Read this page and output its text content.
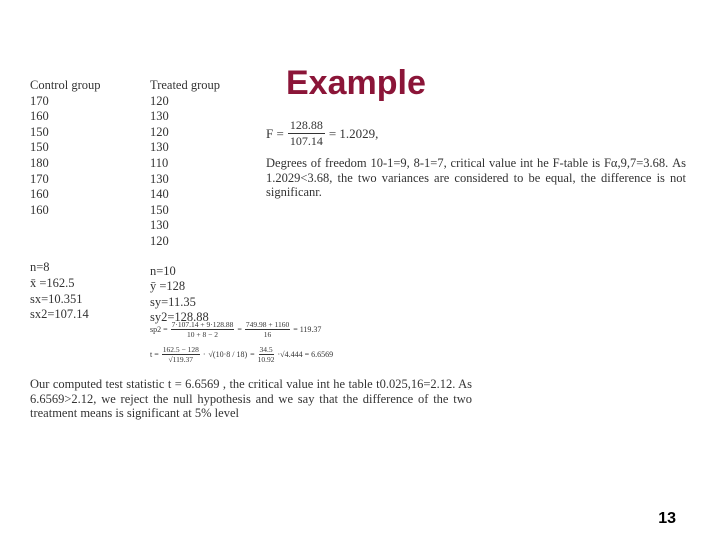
Example
Control group
170
160
150
150
180
170
160
160
n=8
x̄ =162.5
sx=10.351
sx2=107.14
Treated group
120
130
120
130
110
130
140
150
130
120
n=10
ȳ =128
sy=11.35
sy2=128.88
$F = \frac{128.88}{107.14} = 1.2029$,
Degrees of freedom 10-1=9, 8-1=7, critical value int he F-table is Fα,9,7=3.68. As 1.2029<3.68, the two variances are considered to be equal, the difference is not significanr.
$sp2 = \frac{7\cdot 107.14 + 9\cdot 128.88}{10 + 8 - 2} = \frac{749.98 + 1160}{16} = 119.37$
$t = \frac{162.5 - 128}{√119.37} \cdot √(10\cdot 8 / 18) = \frac{34.5}{10.92} \cdot√4.444 = 6.6569$
Our computed test statistic t = 6.6569 , the critical value int he table t0.025,16=2.12. As 6.6569>2.12, we reject the null hypothesis and we say that the difference of the two treatment means is significant at 5% level
13
